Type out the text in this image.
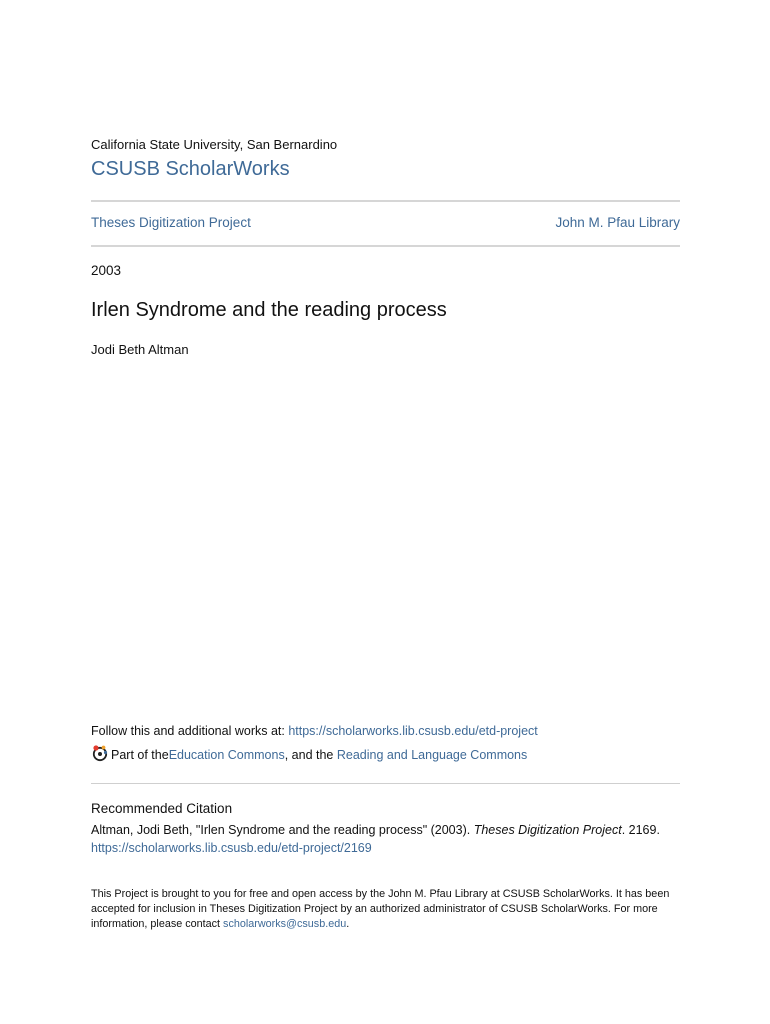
California State University, San Bernardino
CSUSB ScholarWorks
Theses Digitization Project	John M. Pfau Library
2003
Irlen Syndrome and the reading process
Jodi Beth Altman
Follow this and additional works at: https://scholarworks.lib.csusb.edu/etd-project
Part of the Education Commons , and the Reading and Language Commons
Recommended Citation
Altman, Jodi Beth, "Irlen Syndrome and the reading process" (2003). Theses Digitization Project. 2169.
https://scholarworks.lib.csusb.edu/etd-project/2169
This Project is brought to you for free and open access by the John M. Pfau Library at CSUSB ScholarWorks. It has been accepted for inclusion in Theses Digitization Project by an authorized administrator of CSUSB ScholarWorks. For more information, please contact scholarworks@csusb.edu.
